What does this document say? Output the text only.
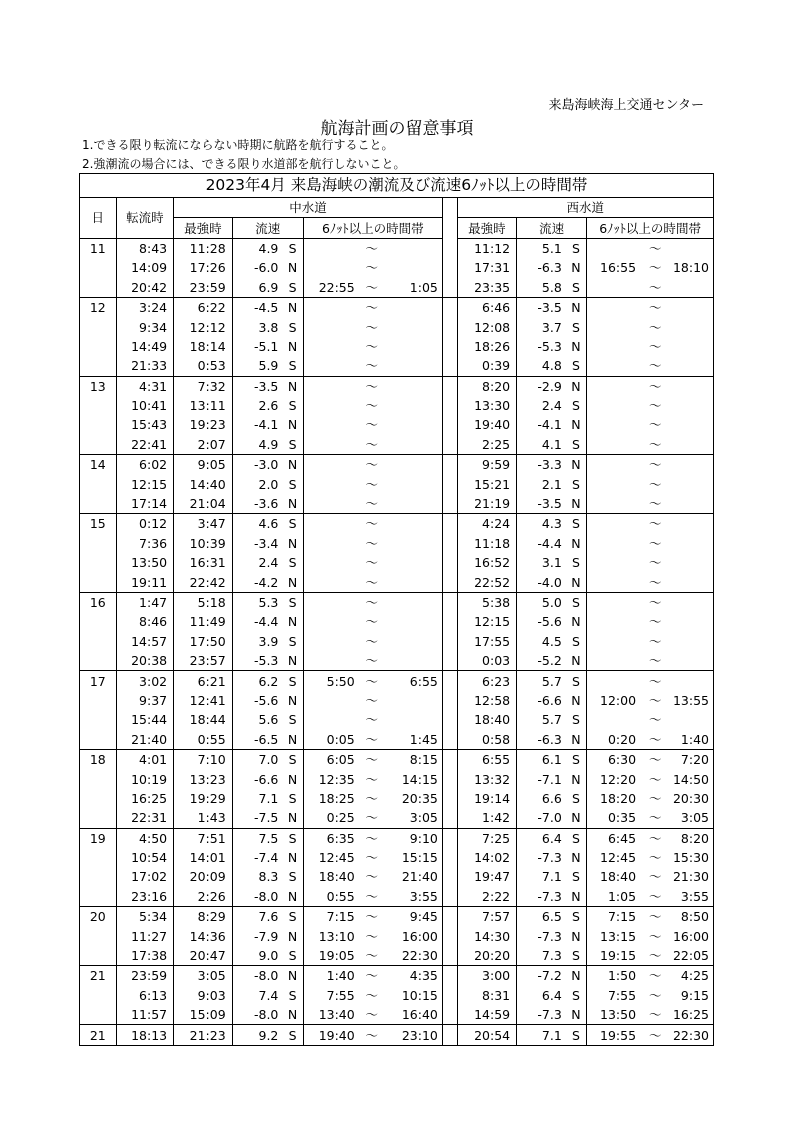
来島海峡海上交通センター
航海計画の留意事項
1.できる限り転流にならない時期に航路を航行すること。
2.強潮流の場合には、できる限り水道部を航行しないこと。
2023年4月 来島海峡の潮流及び流速6ﾉｯﾄ以上の時間帯														
日	転流時	中水道							西水道					
		最強時	流速		6ﾉｯﾄ以上の時間帯				最強時	流速		6ﾉｯﾄ以上の時間帯		
11	8:43	11:28	4.9	S		～			11:12	5.1	S		～	
	14:09	17:26	-6.0	N		～			17:31	-6.3	N	16:55	～	18:10
	20:42	23:59	6.9	S	22:55	～	1:05		23:35	5.8	S		～	
12	3:24	6:22	-4.5	N		～			6:46	-3.5	N		～	
	9:34	12:12	3.8	S		～			12:08	3.7	S		～	
	14:49	18:14	-5.1	N		～			18:26	-5.3	N		～	
	21:33	0:53	5.9	S		～			0:39	4.8	S		～	
13	4:31	7:32	-3.5	N		～			8:20	-2.9	N		～	
	10:41	13:11	2.6	S		～			13:30	2.4	S		～	
	15:43	19:23	-4.1	N		～			19:40	-4.1	N		～	
	22:41	2:07	4.9	S		～			2:25	4.1	S		～	
14	6:02	9:05	-3.0	N		～			9:59	-3.3	N		～	
	12:15	14:40	2.0	S		～			15:21	2.1	S		～	
	17:14	21:04	-3.6	N		～			21:19	-3.5	N		～	
15	0:12	3:47	4.6	S		～			4:24	4.3	S		～	
	7:36	10:39	-3.4	N		～			11:18	-4.4	N		～	
	13:50	16:31	2.4	S		～			16:52	3.1	S		～	
	19:11	22:42	-4.2	N		～			22:52	-4.0	N		～	
16	1:47	5:18	5.3	S		～			5:38	5.0	S		～	
	8:46	11:49	-4.4	N		～			12:15	-5.6	N		～	
	14:57	17:50	3.9	S		～			17:55	4.5	S		～	
	20:38	23:57	-5.3	N		～			0:03	-5.2	N		～	
17	3:02	6:21	6.2	S	5:50	～	6:55		6:23	5.7	S		～	
	9:37	12:41	-5.6	N		～			12:58	-6.6	N	12:00	～	13:55
	15:44	18:44	5.6	S		～			18:40	5.7	S		～	
	21:40	0:55	-6.5	N	0:05	～	1:45		0:58	-6.3	N	0:20	～	1:40
18	4:01	7:10	7.0	S	6:05	～	8:15		6:55	6.1	S	6:30	～	7:20
	10:19	13:23	-6.6	N	12:35	～	14:15		13:32	-7.1	N	12:20	～	14:50
	16:25	19:29	7.1	S	18:25	～	20:35		19:14	6.6	S	18:20	～	20:30
	22:31	1:43	-7.5	N	0:25	～	3:05		1:42	-7.0	N	0:35	～	3:05
19	4:50	7:51	7.5	S	6:35	～	9:10		7:25	6.4	S	6:45	～	8:20
	10:54	14:01	-7.4	N	12:45	～	15:15		14:02	-7.3	N	12:45	～	15:30
	17:02	20:09	8.3	S	18:40	～	21:40		19:47	7.1	S	18:40	～	21:30
	23:16	2:26	-8.0	N	0:55	～	3:55		2:22	-7.3	N	1:05	～	3:55
20	5:34	8:29	7.6	S	7:15	～	9:45		7:57	6.5	S	7:15	～	8:50
	11:27	14:36	-7.9	N	13:10	～	16:00		14:30	-7.3	N	13:15	～	16:00
	17:38	20:47	9.0	S	19:05	～	22:30		20:20	7.3	S	19:15	～	22:05
21	23:59	3:05	-8.0	N	1:40	～	4:35		3:00	-7.2	N	1:50	～	4:25
	6:13	9:03	7.4	S	7:55	～	10:15		8:31	6.4	S	7:55	～	9:15
	11:57	15:09	-8.0	N	13:40	～	16:40		14:59	-7.3	N	13:50	～	16:25
21	18:13	21:23	9.2	S	19:40	～	23:10		20:54	7.1	S	19:55	～	22:30
